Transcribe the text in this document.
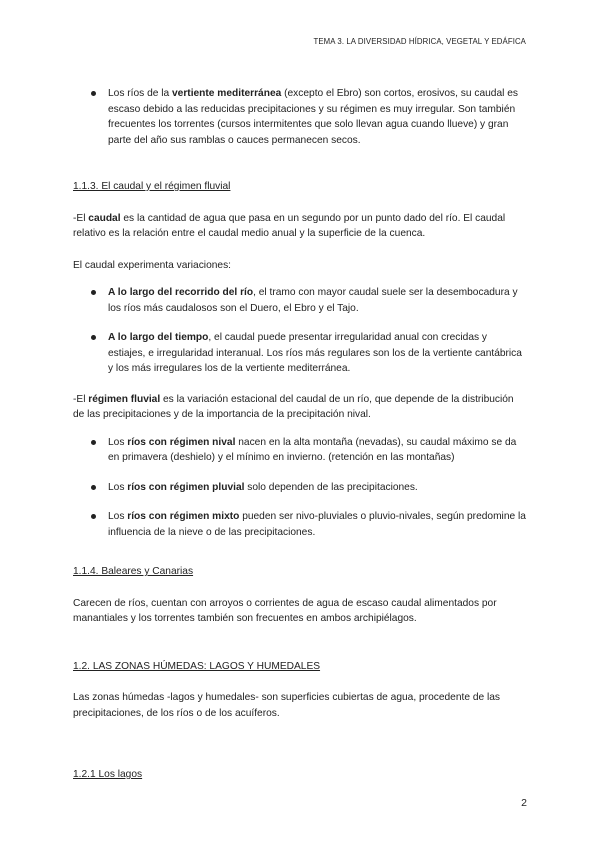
TEMA 3. LA DIVERSIDAD HÍDRICA, VEGETAL Y EDÁFICA
Los ríos de la vertiente mediterránea (excepto el Ebro) son cortos, erosivos, su caudal es escaso debido a las reducidas precipitaciones y su régimen es muy irregular. Son también frecuentes los torrentes (cursos intermitentes que solo llevan agua cuando llueve) y gran parte del año sus ramblas o cauces permanecen secos.
1.1.3. El caudal y el régimen fluvial

-El caudal es la cantidad de agua que pasa en un segundo por un punto dado del río. El caudal relativo es la relación entre el caudal medio anual y la superficie de la cuenca.

El caudal experimenta variaciones:

A lo largo del recorrido del río, el tramo con mayor caudal suele ser la desembocadura y los ríos más caudalosos son el Duero, el Ebro y el Tajo.
A lo largo del tiempo, el caudal puede presentar irregularidad anual con crecidas y estiajes, e irregularidad interanual. Los ríos más regulares son los de la vertiente cantábrica y los más irregulares los de la vertiente mediterránea.

-El régimen fluvial es la variación estacional del caudal de un río, que depende de la distribución de las precipitaciones y de la importancia de la precipitación nival.

Los ríos con régimen nival nacen en la alta montaña (nevadas), su caudal máximo se da en primavera (deshielo) y el mínimo en invierno. (retención en las montañas)
Los ríos con régimen pluvial solo dependen de las precipitaciones.
Los ríos con régimen mixto pueden ser nivo-pluviales o pluvio-nivales, según predomine la influencia de la nieve o de las precipitaciones.
1.1.4. Baleares y Canarias

Carecen de ríos, cuentan con arroyos o corrientes de agua de escaso caudal alimentados por manantiales y los torrentes también son frecuentes en ambos archipiélagos.

1.2. LAS ZONAS HÚMEDAS: LAGOS Y HUMEDALES

Las zonas húmedas -lagos y humedales- son superficies cubiertas de agua, procedente de las precipitaciones, de los ríos o de los acuíferos.

1.2.1 Los lagos
2
